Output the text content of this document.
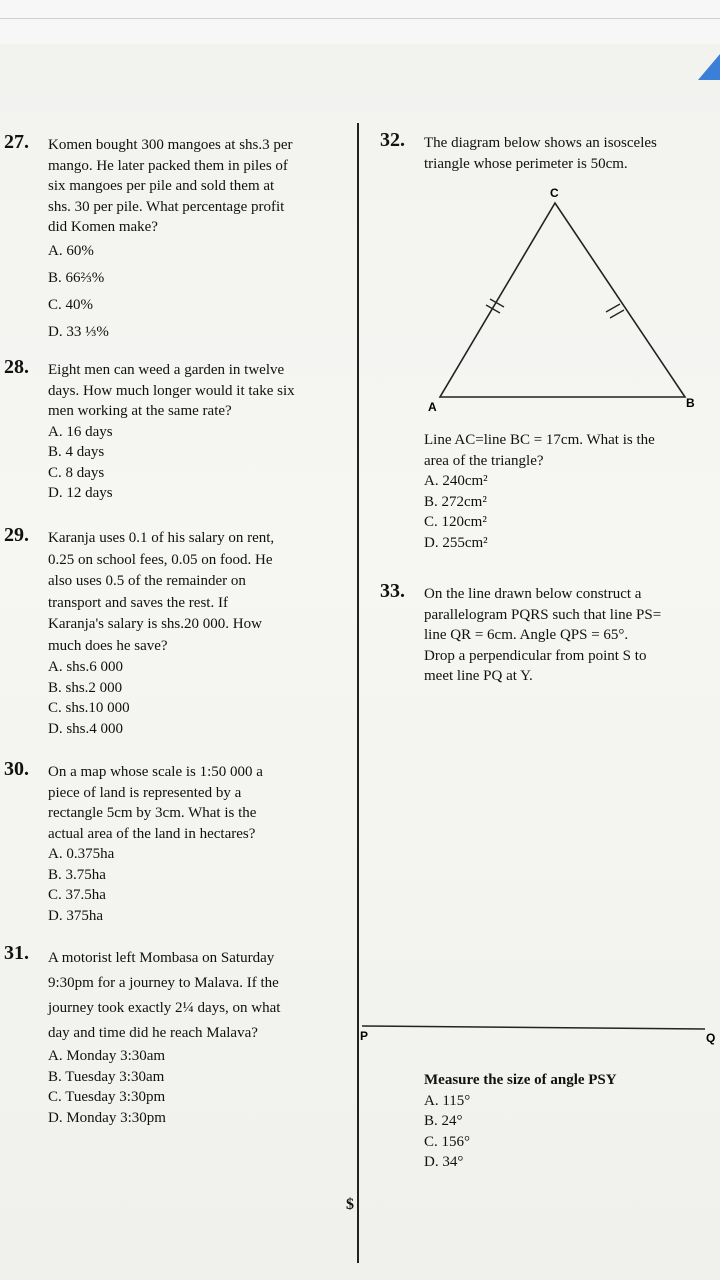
27. Komen bought 300 mangoes at shs.3 per
mango. He later packed them in piles of
six mangoes per pile and sold them at
shs. 30 per pile. What percentage profit
did Komen make?

A. 60%
B. 66⅔%
C. 40%
D. 33 ⅓%
28. Eight men can weed a garden in twelve
days. How much longer would it take six
men working at the same rate?

A. 16 days
B. 4 days
C. 8 days
D. 12 days
29. Karanja uses 0.1 of his salary on rent,
0.25 on school fees, 0.05 on food. He
also uses 0.5 of the remainder on
transport and saves the rest. If
Karanja's salary is shs.20 000. How
much does he save?

A. shs.6 000
B. shs.2 000
C. shs.10 000
D. shs.4 000
30. On a map whose scale is 1:50 000 a
piece of land is represented by a
rectangle 5cm by 3cm. What is the
actual area of the land in hectares?

A. 0.375ha
B. 3.75ha
C. 37.5ha
D. 375ha
31. A motorist left Mombasa on Saturday
9:30pm for a journey to Malava. If the
journey took exactly 2¼ days, on what
day and time did he reach Malava?

A. Monday 3:30am
B. Tuesday 3:30am
C. Tuesday 3:30pm
D. Monday 3:30pm
32. The diagram below shows an isosceles
triangle whose perimeter is 50cm.

C
A	B

Line AC=line BC = 17cm. What is the
area of the triangle?

A. 240cm²
B. 272cm²
C. 120cm²
D. 255cm²
33. On the line drawn below construct a
parallelogram PQRS such that line PS=
line QR = 6cm. Angle QPS = 65°.
Drop a perpendicular from point S to
meet line PQ at Y.

P	Q

Measure the size of angle PSY

A. 115°
B. 24°
C. 156°
D. 34°
$
